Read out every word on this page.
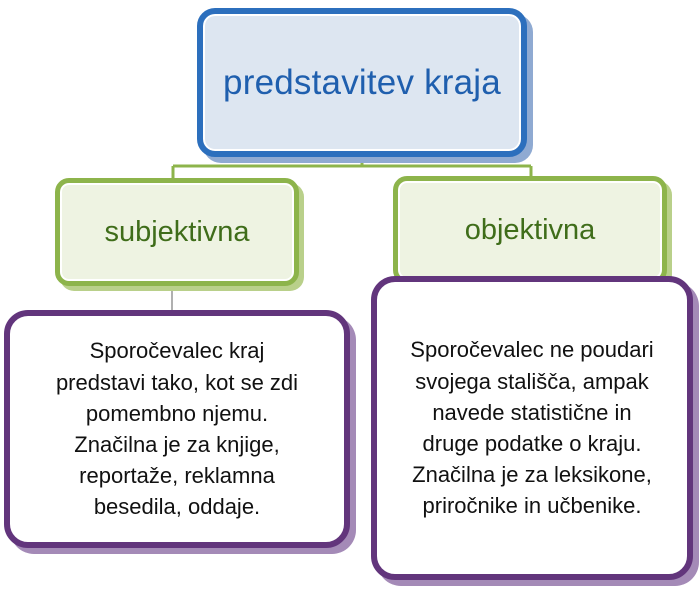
predstavitev kraja
subjektivna	objektivna
Sporočevalec kraj
predstavi tako, kot se zdi
pomembno njemu.
Značilna je za knjige,
reportaže, reklamna
besedila, oddaje.
Sporočevalec ne poudari
svojega stališča, ampak
navede statistične in
druge podatke o kraju.
Značilna je za leksikone,
priročnike in učbenike.
